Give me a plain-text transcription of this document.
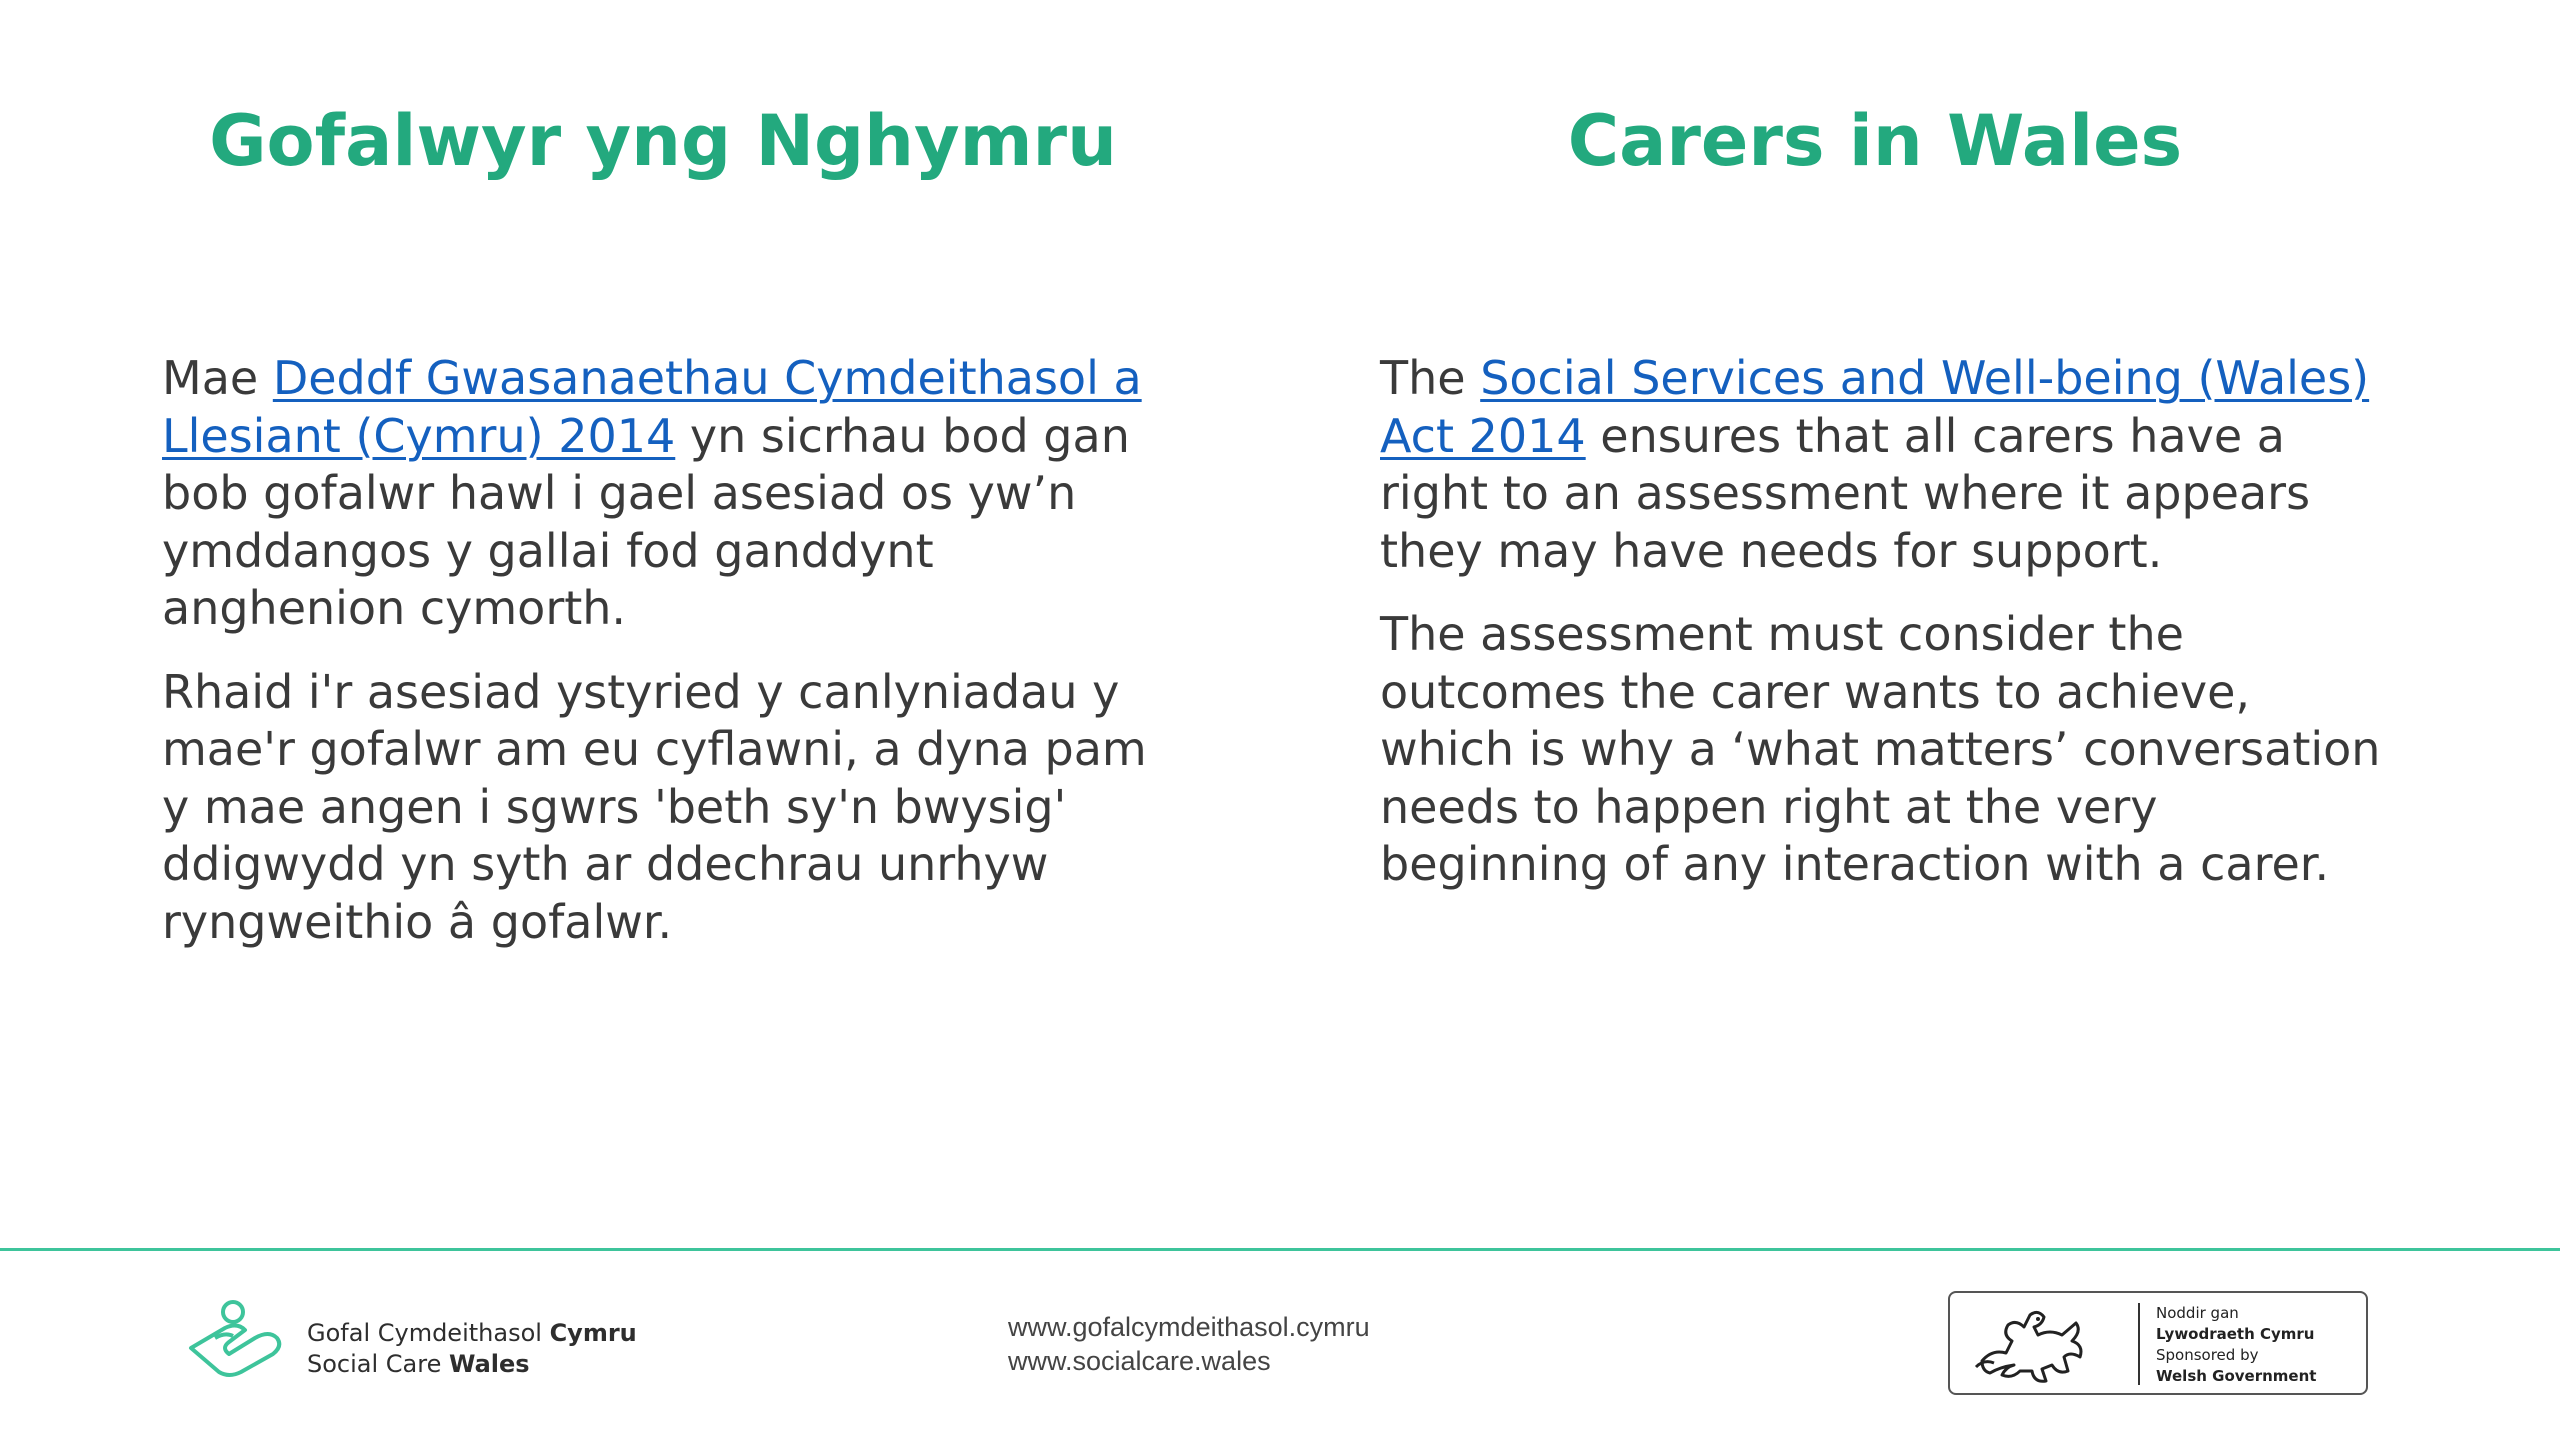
Gofalwyr yng Nghymru	Carers in Wales

Mae Deddf Gwasanaethau Cymdeithasol a Llesiant (Cymru) 2014 yn sicrhau bod gan bob gofalwr hawl i gael asesiad os yw’n ymddangos y gallai fod ganddynt anghenion cymorth.

Rhaid i'r asesiad ystyried y canlyniadau y mae'r gofalwr am eu cyflawni, a dyna pam y mae angen i sgwrs 'beth sy'n bwysig' ddigwydd yn syth ar ddechrau unrhyw ryngweithio â gofalwr.

The Social Services and Well-being (Wales) Act 2014 ensures that all carers have a right to an assessment where it appears they may have needs for support.

The assessment must consider the outcomes the carer wants to achieve, which is why a ‘what matters’ conversation needs to happen right at the very beginning of any interaction with a carer.

Gofal Cymdeithasol Cymru
Social Care Wales
www.gofalcymdeithasol.cymru
www.socialcare.wales
Noddir gan
Lywodraeth Cymru
Sponsored by
Welsh Government
